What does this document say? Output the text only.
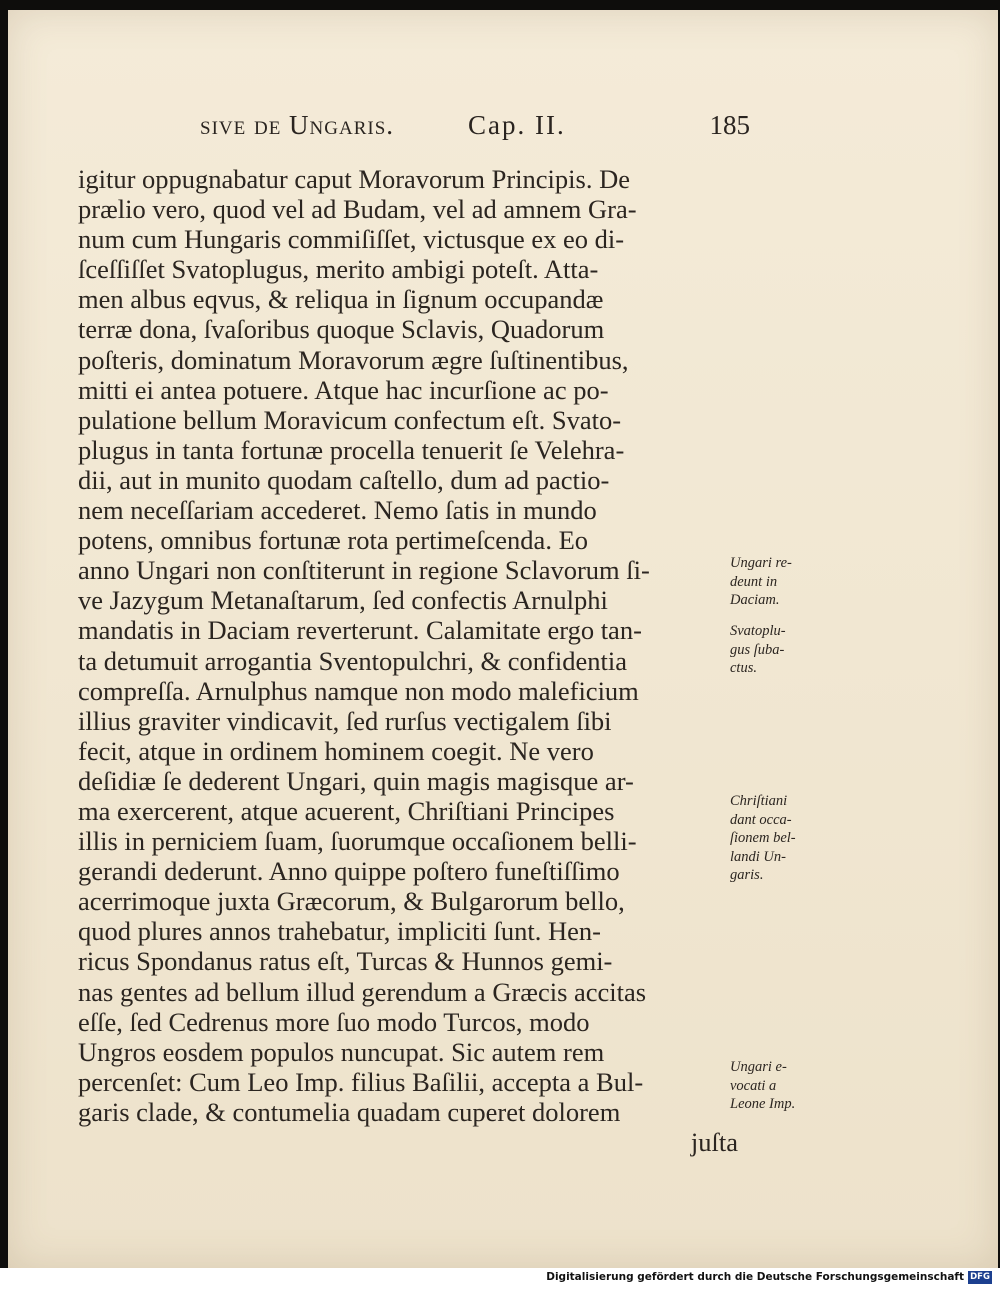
sive de Ungaris.	Cap. II.	185
igitur oppugnabatur caput Moravorum Principis. De
prælio vero, quod vel ad Budam, vel ad amnem Gra-
num cum Hungaris commiſiſſet, victusque ex eo di-
ſceſſiſſet Svatoplugus, merito ambigi poteſt. Atta-
men albus eqvus, & reliqua in ſignum occupandæ
terræ dona, ſvaſoribus quoque Sclavis, Quadorum
poſteris, dominatum Moravorum ægre ſuſtinentibus,
mitti ei antea potuere. Atque hac incurſione ac po-
pulatione bellum Moravicum confectum eſt. Svato-
plugus in tanta fortunæ procella tenuerit ſe Velehra-
dii, aut in munito quodam caſtello, dum ad pactio-
nem neceſſariam accederet. Nemo ſatis in mundo
potens, omnibus fortunæ rota pertimeſcenda. Eo
anno Ungari non conſtiterunt in regione Sclavorum ſi-
ve Jazygum Metanaſtarum, ſed confectis Arnulphi
mandatis in Daciam reverterunt. Calamitate ergo tan-
ta detumuit arrogantia Sventopulchri, & confidentia
compreſſa. Arnulphus namque non modo maleficium
illius graviter vindicavit, ſed rurſus vectigalem ſibi
fecit, atque in ordinem hominem coegit. Ne vero
deſidiæ ſe dederent Ungari, quin magis magisque ar-
ma exercerent, atque acuerent, Chriſtiani Principes
illis in perniciem ſuam, ſuorumque occaſionem belli-
gerandi dederunt. Anno quippe poſtero funeſtiſſimo
acerrimoque juxta Græcorum, & Bulgarorum bello,
quod plures annos trahebatur, impliciti ſunt. Hen-
ricus Spondanus ratus eſt, Turcas & Hunnos gemi-
nas gentes ad bellum illud gerendum a Græcis accitas
eſſe, ſed Cedrenus more ſuo modo Turcos, modo
Ungros eosdem populos nuncupat. Sic autem rem
percenſet: Cum Leo Imp. filius Baſilii, accepta a Bul-
garis clade, & contumelia quadam cuperet dolorem
juſta
Ungari re-
deunt in
Daciam.
Svatoplu-
gus ſuba-
ctus.
Chriſtiani
dant occa-
ſionem bel-
landi Un-
garis.
Ungari e-
vocati a
Leone Imp.
Digitalisierung gefördert durch die Deutsche Forschungsgemeinschaft DFG
